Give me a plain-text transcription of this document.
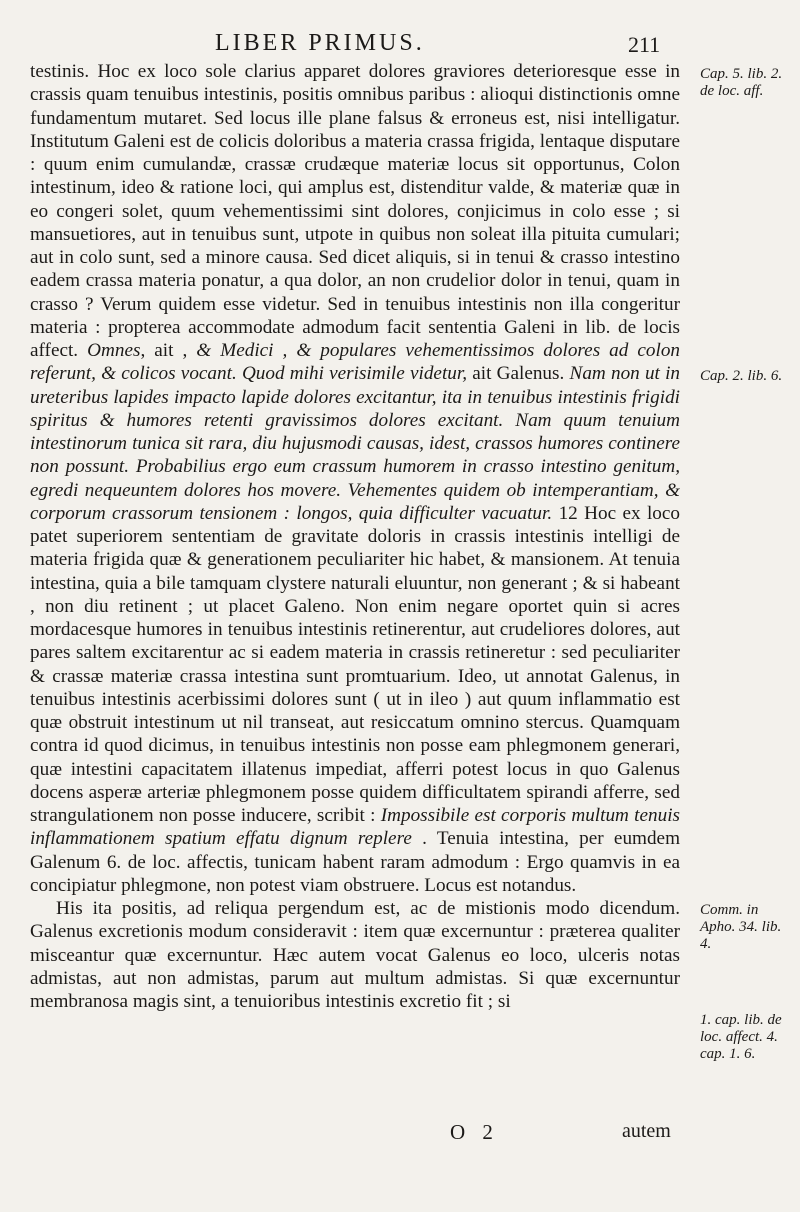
LIBER PRIMUS.	211

testinis. Hoc ex loco sole clarius apparet dolores graviores deterioresque esse in crassis quam tenuibus intestinis, positis omnibus paribus : alioqui distinctionis omne fundamentum mutaret. Sed locus ille plane falsus & erroneus est, nisi intelligatur. Institutum Galeni est de colicis doloribus a materia crassa frigida, lentaque disputare : quum enim cumulandæ, crassæ crudæque materiæ locus sit opportunus, Colon intestinum, ideo & ratione loci, qui amplus est, distenditur valde, & materiæ quæ in eo congeri solet, quum vehementissimi sint dolores, conjicimus in colo esse ; si mansuetiores, aut in tenuibus sunt, utpote in quibus non soleat illa pituita cumulari; aut in colo sunt, sed a minore causa. Sed dicet aliquis, si in tenui & crasso intestino eadem crassa materia ponatur, a qua dolor, an non crudelior dolor in tenui, quam in crasso ? Verum quidem esse videtur. Sed in tenuibus intestinis non illa congeritur materia : propterea accommodate admodum facit sententia Galeni in lib. de locis affect. Omnes, ait , & Medici , & populares vehementissimos dolores ad colon referunt, & colicos vocant. Quod mihi verisimile videtur, ait Galenus. Nam non ut in ureteribus lapides impacto lapide dolores excitantur, ita in tenuibus intestinis frigidi spiritus & humores retenti gravissimos dolores excitant. Nam quum tenuium intestinorum tunica sit rara, diu hujusmodi causas, idest, crassos humores continere non possunt. Probabilius ergo eum crassum humorem in crasso intestino genitum, egredi nequeuntem dolores hos movere. Vehementes quidem ob intemperantiam, & corporum crassorum tensionem : longos, quia difficulter vacuatur. 12 Hoc ex loco patet superiorem sententiam de gravitate doloris in crassis intestinis intelligi de materia frigida quæ & generationem peculiariter hic habet, & mansionem. At tenuia intestina, quia a bile tamquam clystere naturali eluuntur, non generant ; & si habeant , non diu retinent ; ut placet Galeno. Non enim negare oportet quin si acres mordacesque humores in tenuibus intestinis retinerentur, aut crudeliores dolores, aut pares saltem excitarentur ac si eadem materia in crassis retineretur : sed peculiariter & crassæ materiæ crassa intestina sunt promtuarium. Ideo, ut annotat Galenus, in tenuibus intestinis acerbissimi dolores sunt ( ut in ileo ) aut quum inflammatio est quæ obstruit intestinum ut nil transeat, aut resiccatum omnino stercus. Quamquam contra id quod dicimus, in tenuibus intestinis non posse eam phlegmonem generari, quæ intestini capacitatem illatenus impediat, afferri potest locus in quo Galenus docens asperæ arteriæ phlegmonem posse quidem difficultatem spirandi afferre, sed strangulationem non posse inducere, scribit : Impossibile est corporis multum tenuis inflammationem spatium effatu dignum replere . Tenuia intestina, per eumdem Galenum 6. de loc. affectis, tunicam habent raram admodum : Ergo quamvis in ea concipiatur phlegmone, non potest viam obstruere. Locus est notandus.

His ita positis, ad reliqua pergendum est, ac de mistionis modo dicendum. Galenus excretionis modum consideravit : item quæ excernuntur : præterea qualiter misceantur quæ excernuntur. Hæc autem vocat Galenus eo loco, ulceris notas admistas, aut non admistas, parum aut multum admistas. Si quæ excernuntur membranosa magis sint, a tenuioribus intestinis excretio fit ; si

Cap. 5. lib. 2. de loc. aff.
Cap. 2. lib. 6.
Comm. in Apho. 34. lib. 4.
1. cap. lib. de loc. affect. 4. cap. 1. 6.
O 2	autem
